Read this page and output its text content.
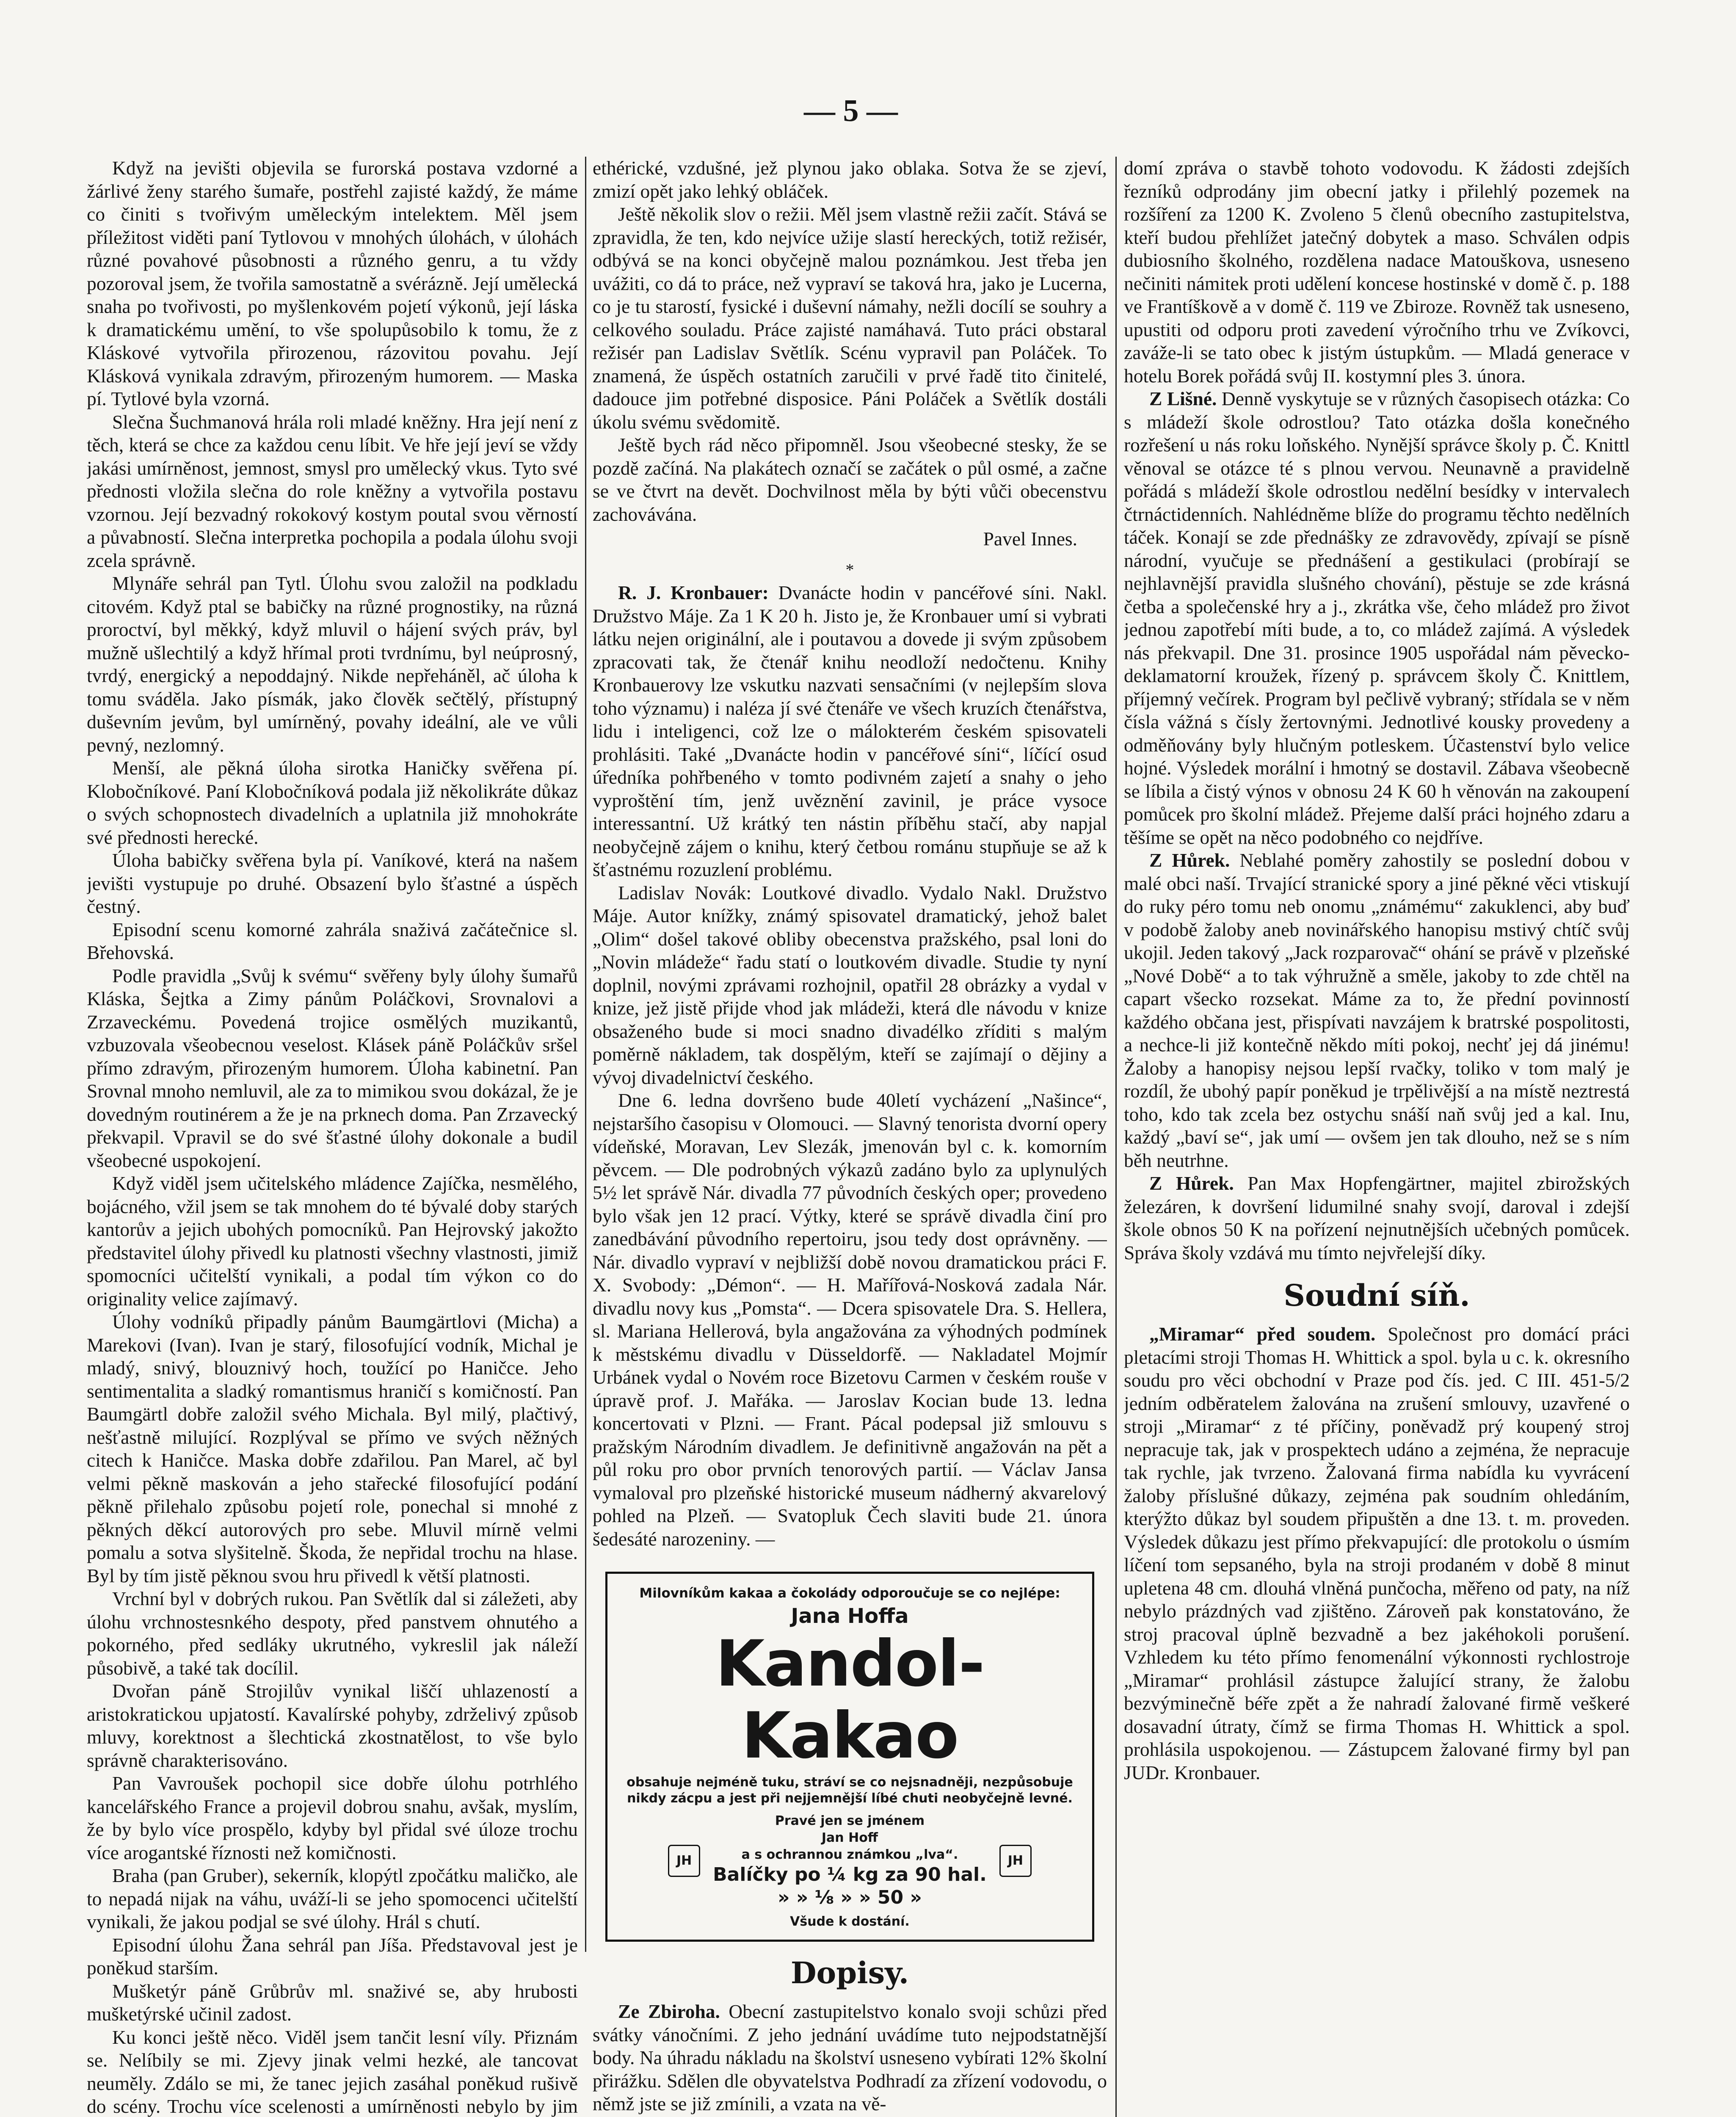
— 5 —

Když na jevišti objevila se furorská postava vzdorné a žárlivé ženy starého šumaře, postřehl zajisté každý, že máme co činiti s tvořivým uměleckým intelektem. Měl jsem příležitost viděti paní Tytlovou v mnohých úlohách, v úlohách různé povahové působnosti a různého genru, a tu vždy pozoroval jsem, že tvořila samostatně a svérázně. Její umělecká snaha po tvořivosti, po myšlenkovém pojetí výkonů, její láska k dramatickému umění, to vše spolupůsobilo k tomu, že z Kláskové vytvořila přirozenou, rázovitou povahu. Její Klásková vynikala zdravým, přirozeným humorem. — Maska pí. Tytlové byla vzorná.

Slečna Šuchmanová hrála roli mladé kněžny. Hra její není z těch, která se chce za každou cenu líbit. Ve hře její jeví se vždy jakási umírněnost, jemnost, smysl pro umělecký vkus. Tyto své přednosti vložila slečna do role kněžny a vytvořila postavu vzornou. Její bezvadný rokokový kostym poutal svou věrností a půvabností. Slečna interpretka pochopila a podala úlohu svoji zcela správně.

Mlynáře sehrál pan Tytl. Úlohu svou založil na podkladu citovém. Když ptal se babičky na různé prognostiky, na různá proroctví, byl měkký, když mluvil o hájení svých práv, byl mužně ušlechtilý a když hřímal proti tvrdnímu, byl neúprosný, tvrdý, energický a nepoddajný. Nikde nepřeháněl, ač úloha k tomu sváděla. Jako písmák, jako člověk sečtělý, přístupný duševním jevům, byl umírněný, povahy ideální, ale ve vůli pevný, nezlomný.

Menší, ale pěkná úloha sirotka Haničky svěřena pí. Klobočníkové. Paní Klobočníková podala již několikráte důkaz o svých schopnostech divadelních a uplatnila již mnohokráte své přednosti herecké.

Úloha babičky svěřena byla pí. Vaníkové, která na našem jevišti vystupuje po druhé. Obsazení bylo šťastné a úspěch čestný.

Episodní scenu komorné zahrála snaživá začátečnice sl. Břehovská.

Podle pravidla „Svůj k svému“ svěřeny byly úlohy šumařů Kláska, Šejtka a Zimy pánům Poláčkovi, Srovnalovi a Zrzaveckému. Povedená trojice osmělých muzikantů, vzbuzovala všeobecnou veselost. Klásek páně Poláčkův sršel přímo zdravým, přirozeným humorem. Úloha kabinetní. Pan Srovnal mnoho nemluvil, ale za to mimikou svou dokázal, že je dovedným routinérem a že je na prknech doma. Pan Zrzavecký překvapil. Vpravil se do své šťastné úlohy dokonale a budil všeobecné uspokojení.

Když viděl jsem učitelského mládence Zajíčka, nesmělého, bojácného, vžil jsem se tak mnohem do té bývalé doby starých kantorův a jejich ubohých pomocníků. Pan Hejrovský jakožto představitel úlohy přivedl ku platnosti všechny vlastnosti, jimiž spomocníci učitelští vynikali, a podal tím výkon co do originality velice zajímavý.

Úlohy vodníků připadly pánům Baumgärtlovi (Micha) a Marekovi (Ivan). Ivan je starý, filosofující vodník, Michal je mladý, snivý, blouznivý hoch, toužící po Haničce. Jeho sentimentalita a sladký romantismus hraničí s komičností. Pan Baumgärtl dobře založil svého Michala. Byl milý, plačtivý, nešťastně milující. Rozplýval se přímo ve svých něžných citech k Haničce. Maska dobře zdařilou. Pan Marel, ač byl velmi pěkně maskován a jeho stařecké filosofující podání pěkně přilehalo způsobu pojetí role, ponechal si mnohé z pěkných děkcí autorových pro sebe. Mluvil mírně velmi pomalu a sotva slyšitelně. Škoda, že nepřidal trochu na hlase. Byl by tím jistě pěknou svou hru přivedl k větší platnosti.

Vrchní byl v dobrých rukou. Pan Světlík dal si záležeti, aby úlohu vrchnostesnkého despoty, před panstvem ohnutého a pokorného, před sedláky ukrutného, vykreslil jak náleží působivě, a také tak docílil.

Dvořan páně Strojilův vynikal liščí uhlazeností a aristokratickou upjatostí. Kavalírské pohyby, zdrželivý způsob mluvy, korektnost a šlechtická zkostnatělost, to vše bylo správně charakterisováno.

Pan Vavroušek pochopil sice dobře úlohu potrhlého kancelářského France a projevil dobrou snahu, avšak, myslím, že by bylo více prospělo, kdyby byl přidal své úloze trochu více arogantské říznosti než komičnosti.

Braha (pan Gruber), sekerník, klopýtl zpočátku maličko, ale to nepadá nijak na váhu, uváží-li se jeho spomocenci učitelští vynikali, že jakou podjal se své úlohy. Hrál s chutí.

Episodní úlohu Žana sehrál pan Jíša. Představoval jest je poněkud starším.

Mušketýr páně Grůbrův ml. snaživé se, aby hrubosti mušketýrské učinil zadost.

Ku konci ještě něco. Viděl jsem tančit lesní víly. Přiznám se. Nelíbily se mi. Zjevy jinak velmi hezké, ale tancovat neuměly. Zdálo se mi, že tanec jejich zasáhal poněkud rušivě do scény. Trochu více scelenosti a umírněnosti nebylo by jim

ethérické, vzdušné, jež plynou jako oblaka. Sotva že se zjeví, zmizí opět jako lehký obláček.

Ještě několik slov o režii. Měl jsem vlastně režii začít. Stává se zpravidla, že ten, kdo nejvíce užije slastí hereckých, totiž režisér, odbývá se na konci obyčejně malou poznámkou. Jest třeba jen uvážiti, co dá to práce, než vypraví se taková hra, jako je Lucerna, co je tu starostí, fysické i duševní námahy, nežli docílí se souhry a celkového souladu. Práce zajisté namáhavá. Tuto práci obstaral režisér pan Ladislav Světlík. Scénu vypravil pan Poláček. To znamená, že úspěch ostatních zaručili v prvé řadě tito činitelé, dadouce jim potřebné disposice. Páni Poláček a Světlík dostáli úkolu svému svědomitě.

Ještě bych rád něco připomněl. Jsou všeobecné stesky, že se pozdě začíná. Na plakátech označí se začátek o půl osmé, a začne se ve čtvrt na devět. Dochvilnost měla by býti vůči obecenstvu zachovávána.

Pavel Innes.
*

R. J. Kronbauer: Dvanácte hodin v pancéřové síni. Nakl. Družstvo Máje. Za 1 K 20 h. Jisto je, že Kronbauer umí si vybrati látku nejen originální, ale i poutavou a dovede ji svým způsobem zpracovati tak, že čtenář knihu neodloží nedočtenu. Knihy Kronbauerovy lze vskutku nazvati sensačními (v nejlepším slova toho významu) i naléza jí své čtenáře ve všech kruzích čtenářstva, lidu i inteligenci, což lze o málokterém českém spisovateli prohlásiti. Také „Dvanácte hodin v pancéřové síni“, líčící osud úředníka pohřbeného v tomto podivném zajetí a snahy o jeho vyproštění tím, jenž uvěznění zavinil, je práce vysoce interessantní. Už krátký ten nástin příběhu stačí, aby napjal neobyčejně zájem o knihu, který četbou románu stupňuje se až k šťastnému rozuzlení problému.

Ladislav Novák: Loutkové divadlo. Vydalo Nakl. Družstvo Máje. Autor knížky, známý spisovatel dramatický, jehož balet „Olim“ došel takové obliby obecenstva pražského, psal loni do „Novin mládeže“ řadu statí o loutkovém divadle. Studie ty nyní doplnil, novými zprávami rozhojnil, opatřil 28 obrázky a vydal v knize, jež jistě přijde vhod jak mládeži, která dle návodu v knize obsaženého bude si moci snadno divadélko zříditi s malým poměrně nákladem, tak dospělým, kteří se zajímají o dějiny a vývoj divadelnictví českého.

Dne 6. ledna dovršeno bude 40letí vycházení „Našince“, nejstaršího časopisu v Olomouci. — Slavný tenorista dvorní opery vídeňské, Moravan, Lev Slezák, jmenován byl c. k. komorním pěvcem. — Dle podrobných výkazů zadáno bylo za uplynulých 5½ let správě Nár. divadla 77 původních českých oper; provedeno bylo však jen 12 prací. Výtky, které se správě divadla činí pro zanedbávání původního repertoiru, jsou tedy dost oprávněny. — Nár. divadlo vypraví v nejbližší době novou dramatickou práci F. X. Svobody: „Démon“. — H. Mařířová-Nosková zadala Nár. divadlu novy kus „Pomsta“. — Dcera spisovatele Dra. S. Hellera, sl. Mariana Hellerová, byla angažována za výhodných podmínek k městskému divadlu v Düsseldorfě. — Nakladatel Mojmír Urbánek vydal o Novém roce Bizetovu Carmen v českém rouše v úpravě prof. J. Mařáka. — Jaroslav Kocian bude 13. ledna koncertovati v Plzni. — Frant. Pácal podepsal již smlouvu s pražským Národním divadlem. Je definitivně angažován na pět a půl roku pro obor prvních tenorových partií. — Václav Jansa vymaloval pro plzeňské historické museum nádherný akvarelový pohled na Plzeň. — Svatopluk Čech slaviti bude 21. února šedesáté narozeniny. —

Milovníkům kakaa a čokolády odporoučuje se co nejlépe:
Jana Hoffa
Kandol-Kakao
obsahuje nejméně tuku, stráví se co nejsnadněji, nezpůsobuje nikdy zácpu a jest při nejjemnější líbé chuti neobyčejně levné.
JH
Pravé jen se jménem
Jan Hoff
a s ochrannou známkou „lva“.
Balíčky po ¼ kg za 90 hal.
» » ⅛ » » 50 »
JH
Všude k dostání.
Dopisy.

Ze Zbiroha. Obecní zastupitelstvo konalo svoji schůzi před svátky vánočními. Z jeho jednání uvádíme tuto nejpodstatnější body. Na úhradu nákladu na školství usneseno vybírati 12% školní přirážku. Sdělen dle obyvatelstva Podhradí za zřízení vodovodu, o němž jste se již zmínili, a vzata na vě-

domí zpráva o stavbě tohoto vodovodu. K žádosti zdejších řezníků odprodány jim obecní jatky i přilehlý pozemek na rozšíření za 1200 K. Zvoleno 5 členů obecního zastupitelstva, kteří budou přehlížet jatečný dobytek a maso. Schválen odpis dubiosního školného, rozdělena nadace Matouškova, usneseno nečiniti námitek proti udělení koncese hostinské v domě č. p. 188 ve Frantíškově a v domě č. 119 ve Zbiroze. Rovněž tak usneseno, upustiti od odporu proti zavedení výročního trhu ve Zvíkovci, zaváže-li se tato obec k jistým ústupkům. — Mladá generace v hotelu Borek pořádá svůj II. kostymní ples 3. února.

Z Lišné. Denně vyskytuje se v různých časopisech otázka: Co s mládeží škole odrostlou? Tato otázka došla konečného rozřešení u nás roku loňského. Nynější správce školy p. Č. Knittl věnoval se otázce té s plnou vervou. Neunavně a pravidelně pořádá s mládeží škole odrostlou nedělní besídky v intervalech čtrnáctidenních. Nahlédněme blíže do programu těchto nedělních táček. Konají se zde přednášky ze zdravovědy, zpívají se písně národní, vyučuje se přednášení a gestikulaci (probírají se nejhlavnější pravidla slušného chování), pěstuje se zde krásná četba a společenské hry a j., zkrátka vše, čeho mládež pro život jednou zapotřebí míti bude, a to, co mládež zajímá. A výsledek nás překvapil. Dne 31. prosince 1905 uspořádal nám pěvecko-deklamatorní kroužek, řízený p. správcem školy Č. Knittlem, příjemný večírek. Program byl pečlivě vybraný; střídala se v něm čísla vážná s čísly žertovnými. Jednotlivé kousky provedeny a odměňovány byly hlučným potleskem. Účastenství bylo velice hojné. Výsledek morální i hmotný se dostavil. Zábava všeobecně se líbila a čistý výnos v obnosu 24 K 60 h věnován na zakoupení pomůcek pro školní mládež. Přejeme další práci hojného zdaru a těšíme se opět na něco podobného co nejdříve.

Z Hůrek. Neblahé poměry zahostily se poslední dobou v malé obci naší. Trvající stranické spory a jiné pěkné věci vtiskují do ruky péro tomu neb onomu „známému“ zakuklenci, aby buď v podobě žaloby aneb novinářského hanopisu mstivý chtíč svůj ukojil. Jeden takový „Jack rozparovač“ ohání se právě v plzeňské „Nové Době“ a to tak výhružně a směle, jakoby to zde chtěl na capart všecko rozsekat. Máme za to, že přední povinností každého občana jest, přispívati navzájem k bratrské pospolitosti, a nechce-li již kontečně někdo míti pokoj, nechť jej dá jinému! Žaloby a hanopisy nejsou lepší rvačky, toliko v tom malý je rozdíl, že ubohý papír poněkud je trpělivější a na místě neztrestá toho, kdo tak zcela bez ostychu snáší naň svůj jed a kal. Inu, každý „baví se“, jak umí — ovšem jen tak dlouho, než se s ním běh neutrhne.

Z Hůrek. Pan Max Hopfengärtner, majitel zbirožských železáren, k dovršení lidumilné snahy svojí, daroval i zdejší škole obnos 50 K na pořízení nejnutnějších učebných pomůcek. Správa školy vzdává mu tímto nejvřelejší díky.

Soudní síň.

„Miramar“ před soudem. Společnost pro domácí práci pletacími stroji Thomas H. Whittick a spol. byla u c. k. okresního soudu pro věci obchodní v Praze pod čís. jed. C III. 451-5/2 jedním odběratelem žalována na zrušení smlouvy, uzavřené o stroji „Miramar“ z té příčiny, poněvadž prý koupený stroj nepracuje tak, jak v prospektech udáno a zejména, že nepracuje tak rychle, jak tvrzeno. Žalovaná firma nabídla ku vyvrácení žaloby příslušné důkazy, zejména pak soudním ohledáním, kterýžto důkaz byl soudem připuštěn a dne 13. t. m. proveden. Výsledek důkazu jest přímo překvapující: dle protokolu o úsmím líčení tom sepsaného, byla na stroji prodaném v době 8 minut upletena 48 cm. dlouhá vlněná punčocha, měřeno od paty, na níž nebylo prázdných vad zjištěno. Zároveň pak konstatováno, že stroj pracoval úplně bezvadně a bez jakéhokoli porušení. Vzhledem ku této přímo fenomenální výkonnosti rychlostroje „Miramar“ prohlásil zástupce žalující strany, že žalobu bezvýminečně béře zpět a že nahradí žalované firmě veškeré dosavadní útraty, čímž se firma Thomas H. Whittick a spol. prohlásila uspokojenou. — Zástupcem žalované firmy byl pan JUDr. Kronbauer.
